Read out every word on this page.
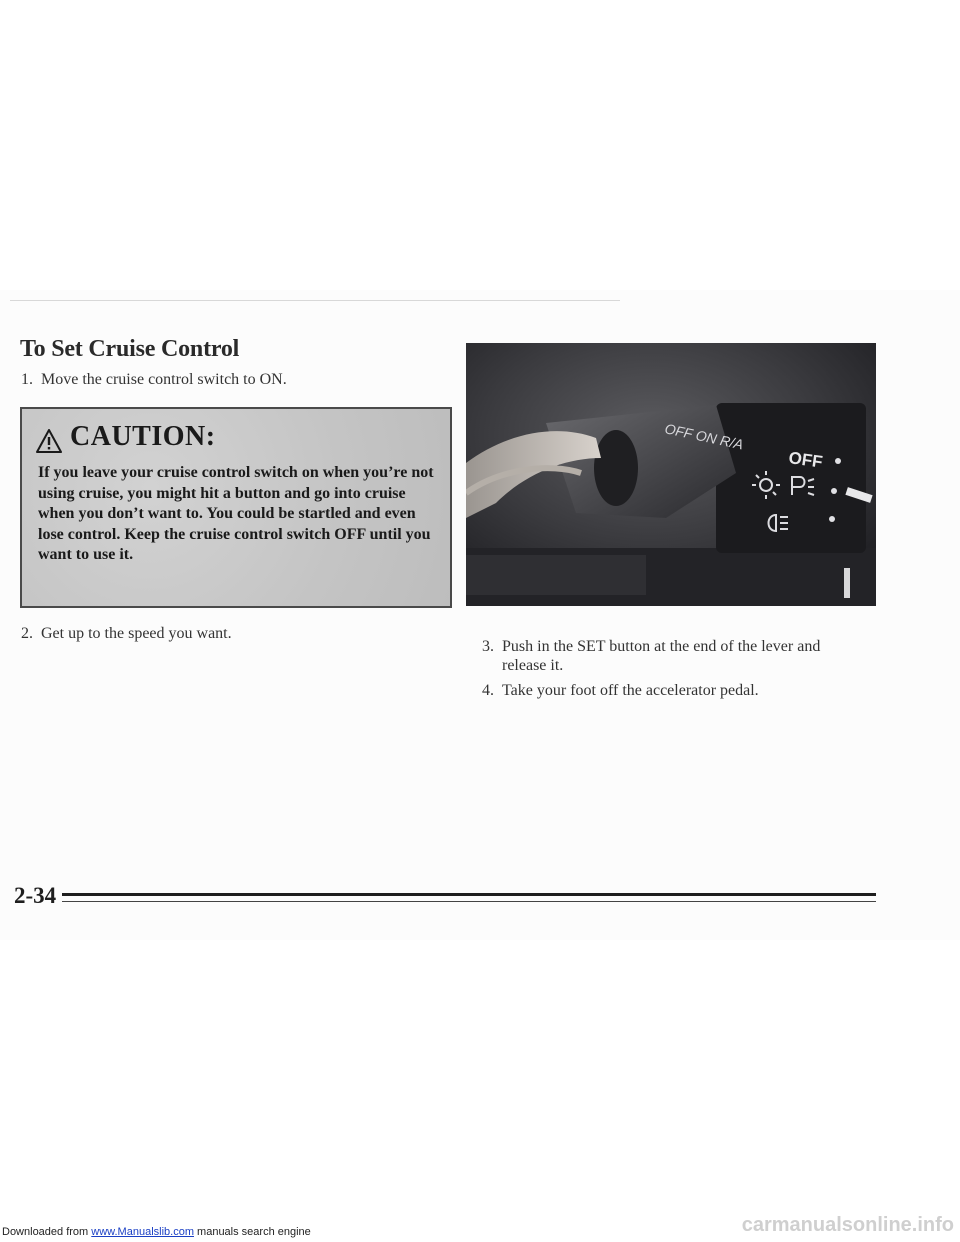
To Set Cruise Control
1. Move the cruise control switch to ON.
CAUTION:
If you leave your cruise control switch on when you’re not using cruise, you might hit a button and go into cruise when you don’t want to. You could be startled and even lose control. Keep the cruise control switch OFF until you want to use it.
2. Get up to the speed you want.
OFF ON R/A
OFF
3. Push in the SET button at the end of the lever and release it.
4. Take your foot off the accelerator pedal.
2-34
Downloaded from www.Manualslib.com manuals search engine	carmanualsonline.info
